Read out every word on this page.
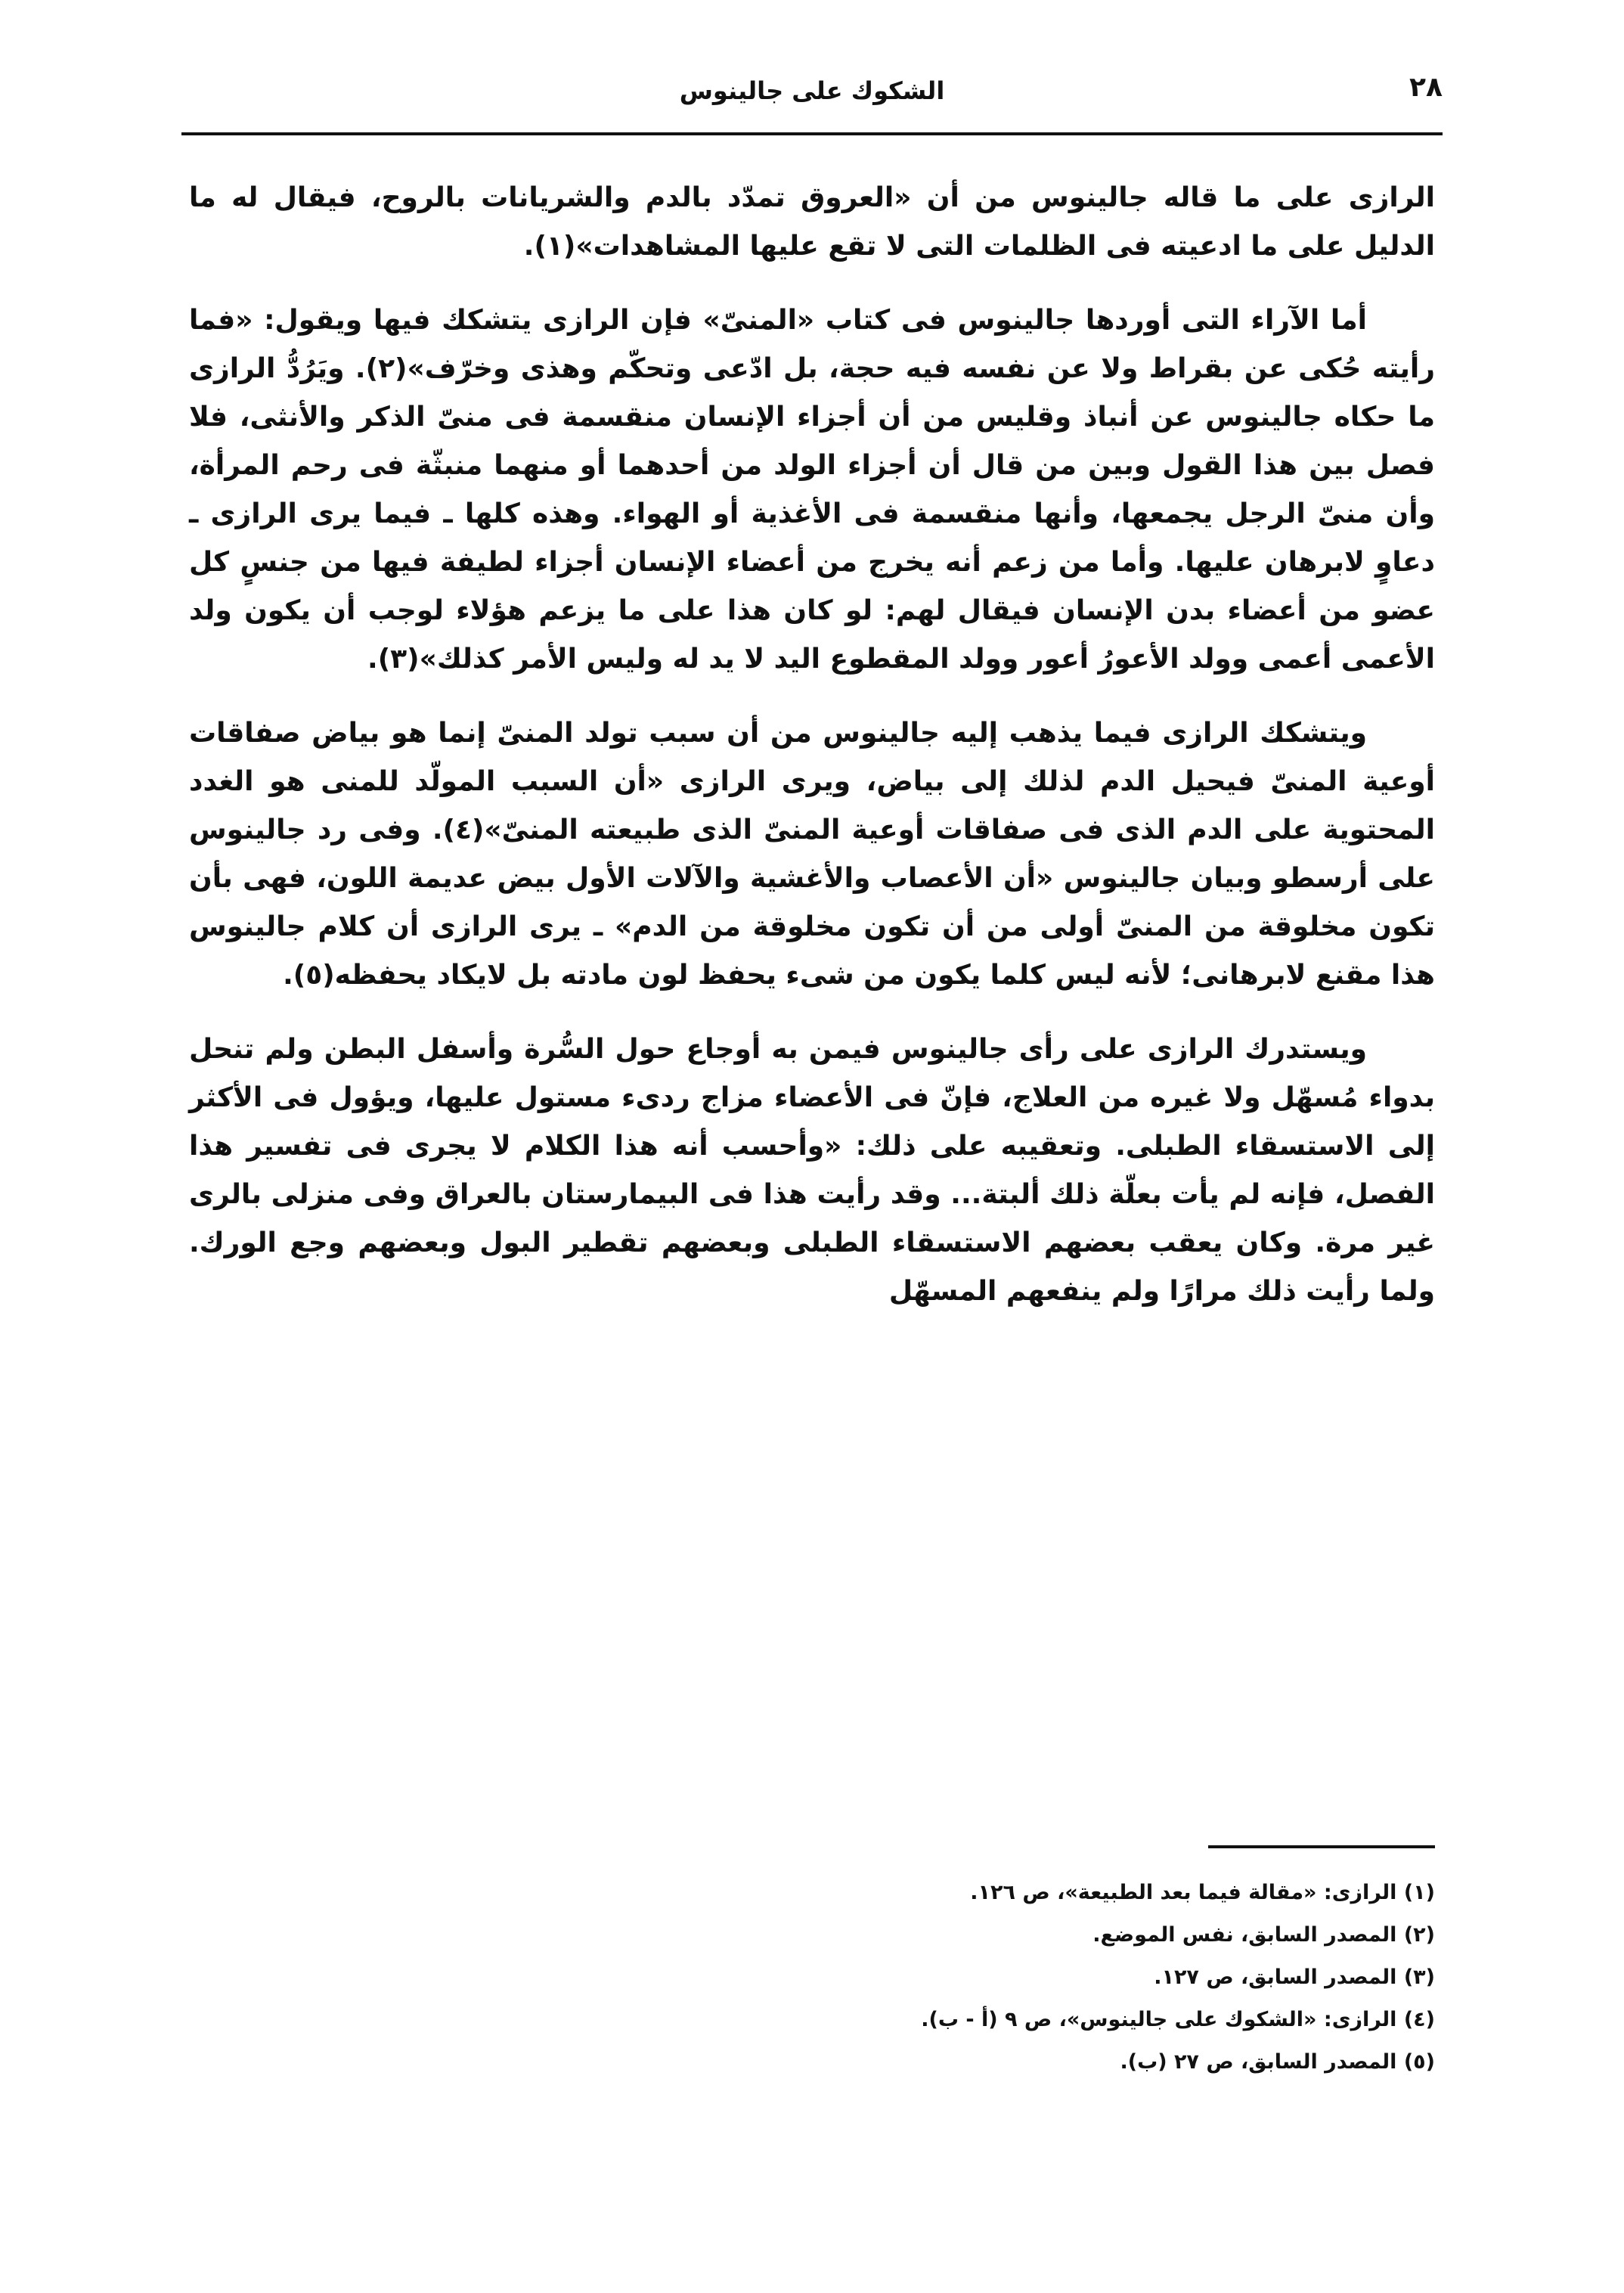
٢٨
الشكوك على جالينوس

الرازى على ما قاله جالينوس من أن «العروق تمدّد بالدم والشريانات بالروح، فيقال له ما الدليل على ما ادعيته فى الظلمات التى لا تقع عليها المشاهدات»(١).

أما الآراء التى أوردها جالينوس فى كتاب «المنىّ» فإن الرازى يتشكك فيها ويقول: «فما رأيته حُكى عن بقراط ولا عن نفسه فيه حجة، بل ادّعى وتحكّم وهذى وخرّف»(٢). ويَرُدُّ الرازى ما حكاه جالينوس عن أنباذ وقليس من أن أجزاء الإنسان منقسمة فى منىّ الذكر والأنثى، فلا فصل بين هذا القول وبين من قال أن أجزاء الولد من أحدهما أو منهما منبثّة فى رحم المرأة، وأن منىّ الرجل يجمعها، وأنها منقسمة فى الأغذية أو الهواء. وهذه كلها ـ فيما يرى الرازى ـ دعاوٍ لابرهان عليها. وأما من زعم أنه يخرج من أعضاء الإنسان أجزاء لطيفة فيها من جنسٍ كل عضو من أعضاء بدن الإنسان فيقال لهم: لو كان هذا على ما يزعم هؤلاء لوجب أن يكون ولد الأعمى أعمى وولد الأعورُ أعور وولد المقطوع اليد لا يد له وليس الأمر كذلك»(٣).

ويتشكك الرازى فيما يذهب إليه جالينوس من أن سبب تولد المنىّ إنما هو بياض صفاقات أوعية المنىّ فيحيل الدم لذلك إلى بياض، ويرى الرازى «أن السبب المولّد للمنى هو الغدد المحتوية على الدم الذى فى صفاقات أوعية المنىّ الذى طبيعته المنىّ»(٤). وفى رد جالينوس على أرسطو وبيان جالينوس «أن الأعصاب والأغشية والآلات الأول بيض عديمة اللون، فهى بأن تكون مخلوقة من المنىّ أولى من أن تكون مخلوقة من الدم» ـ يرى الرازى أن كلام جالينوس هذا مقنع لابرهانى؛ لأنه ليس كلما يكون من شىء يحفظ لون مادته بل لايكاد يحفظه(٥).

ويستدرك الرازى على رأى جالينوس فيمن به أوجاع حول السُّرة وأسفل البطن ولم تنحل بدواء مُسهّل ولا غيره من العلاج، فإنّ فى الأعضاء مزاج ردىء مستول عليها، ويؤول فى الأكثر إلى الاستسقاء الطبلى. وتعقيبه على ذلك: «وأحسب أنه هذا الكلام لا يجرى فى تفسير هذا الفصل، فإنه لم يأت بعلّة ذلك ألبتة... وقد رأيت هذا فى البيمارستان بالعراق وفى منزلى بالرى غير مرة. وكان يعقب بعضهم الاستسقاء الطبلى وبعضهم تقطير البول وبعضهم وجع الورك. ولما رأيت ذلك مرارًا ولم ينفعهم المسهّل

(١) الرازى: «مقالة فيما بعد الطبيعة»، ص ١٢٦.

(٢) المصدر السابق، نفس الموضع.

(٣) المصدر السابق، ص ١٢٧.

(٤) الرازى: «الشكوك على جالينوس»، ص ٩ (أ - ب).

(٥) المصدر السابق، ص ٢٧ (ب).
